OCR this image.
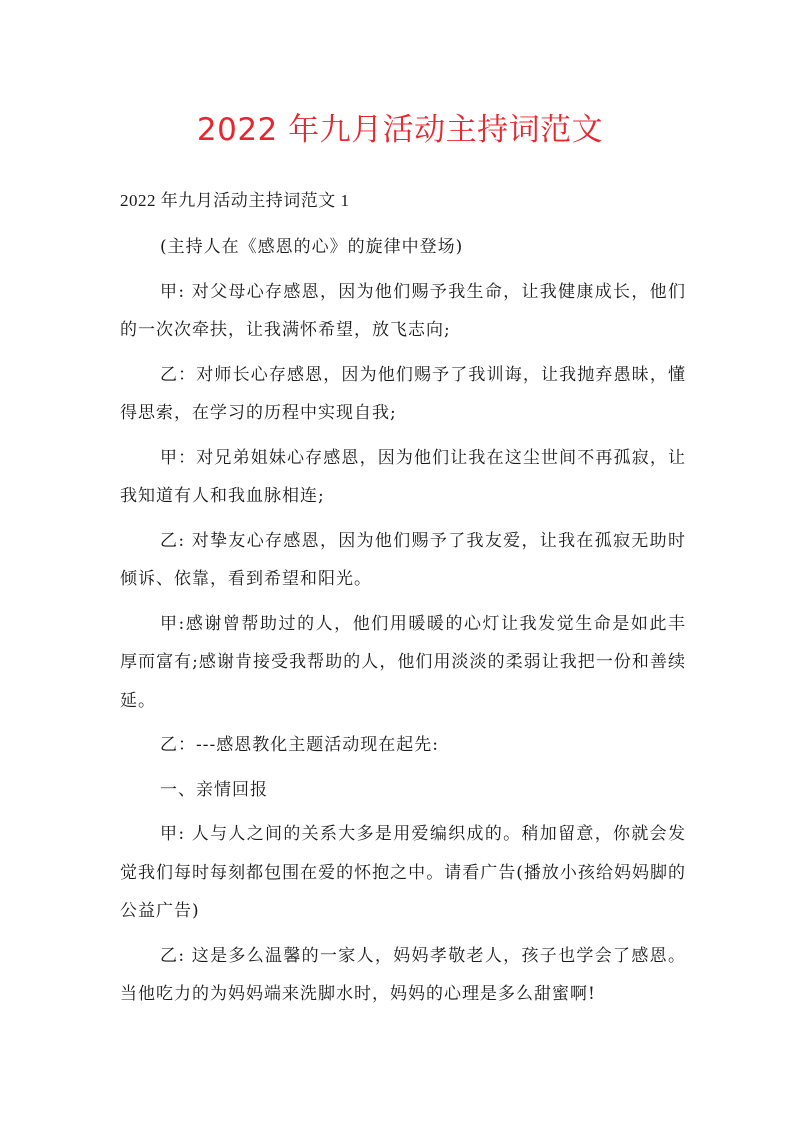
2022 年九月活动主持词范文

2022 年九月活动主持词范文 1

(主持人在《感恩的心》的旋律中登场)

甲: 对父母心存感恩，因为他们赐予我生命，让我健康成长，他们的一次次牵扶，让我满怀希望，放飞志向;

乙：对师长心存感恩，因为他们赐予了我训诲，让我抛弃愚昧，懂得思索，在学习的历程中实现自我;

甲：对兄弟姐妹心存感恩，因为他们让我在这尘世间不再孤寂，让我知道有人和我血脉相连;

乙: 对挚友心存感恩，因为他们赐予了我友爱，让我在孤寂无助时倾诉、依靠，看到希望和阳光。

甲:感谢曾帮助过的人，他们用暖暖的心灯让我发觉生命是如此丰厚而富有;感谢肯接受我帮助的人，他们用淡淡的柔弱让我把一份和善续延。

乙：---感恩教化主题活动现在起先:

一、亲情回报

甲: 人与人之间的关系大多是用爱编织成的。稍加留意，你就会发觉我们每时每刻都包围在爱的怀抱之中。请看广告(播放小孩给妈妈脚的公益广告)

乙: 这是多么温馨的一家人，妈妈孝敬老人，孩子也学会了感恩。当他吃力的为妈妈端来洗脚水时，妈妈的心理是多么甜蜜啊!
